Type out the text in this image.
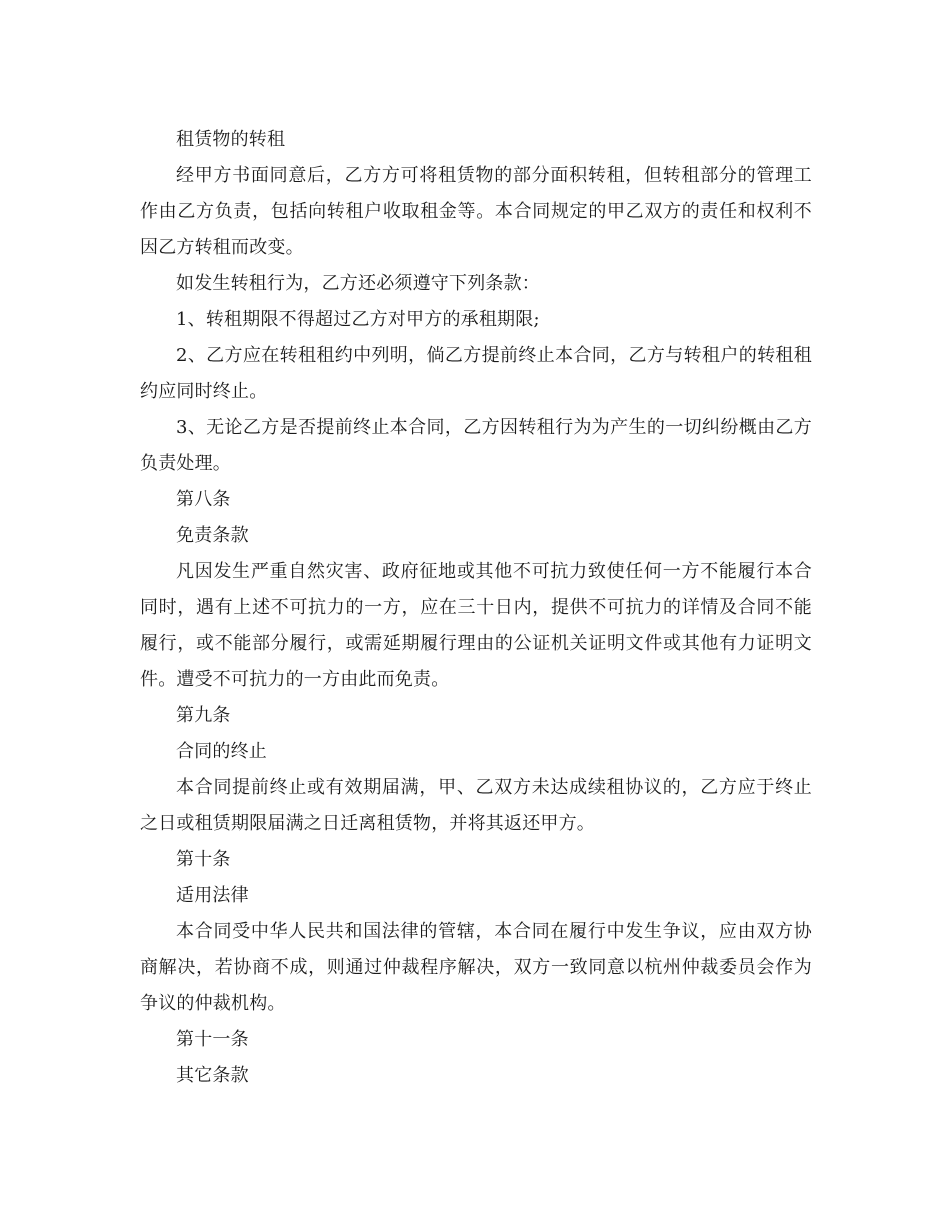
租赁物的转租

经甲方书面同意后，乙方方可将租赁物的部分面积转租，但转租部分的管理工作由乙方负责，包括向转租户收取租金等。本合同规定的甲乙双方的责任和权利不因乙方转租而改变。

如发生转租行为，乙方还必须遵守下列条款：

1、转租期限不得超过乙方对甲方的承租期限;

2、乙方应在转租租约中列明，倘乙方提前终止本合同，乙方与转租户的转租租约应同时终止。

3、无论乙方是否提前终止本合同，乙方因转租行为为产生的一切纠纷概由乙方负责处理。

第八条

免责条款

凡因发生严重自然灾害、政府征地或其他不可抗力致使任何一方不能履行本合同时，遇有上述不可抗力的一方，应在三十日内，提供不可抗力的详情及合同不能履行，或不能部分履行，或需延期履行理由的公证机关证明文件或其他有力证明文件。遭受不可抗力的一方由此而免责。

第九条

合同的终止

本合同提前终止或有效期届满，甲、乙双方未达成续租协议的，乙方应于终止之日或租赁期限届满之日迁离租赁物，并将其返还甲方。

第十条

适用法律

本合同受中华人民共和国法律的管辖，本合同在履行中发生争议，应由双方协商解决，若协商不成，则通过仲裁程序解决，双方一致同意以杭州仲裁委员会作为争议的仲裁机构。

第十一条

其它条款
